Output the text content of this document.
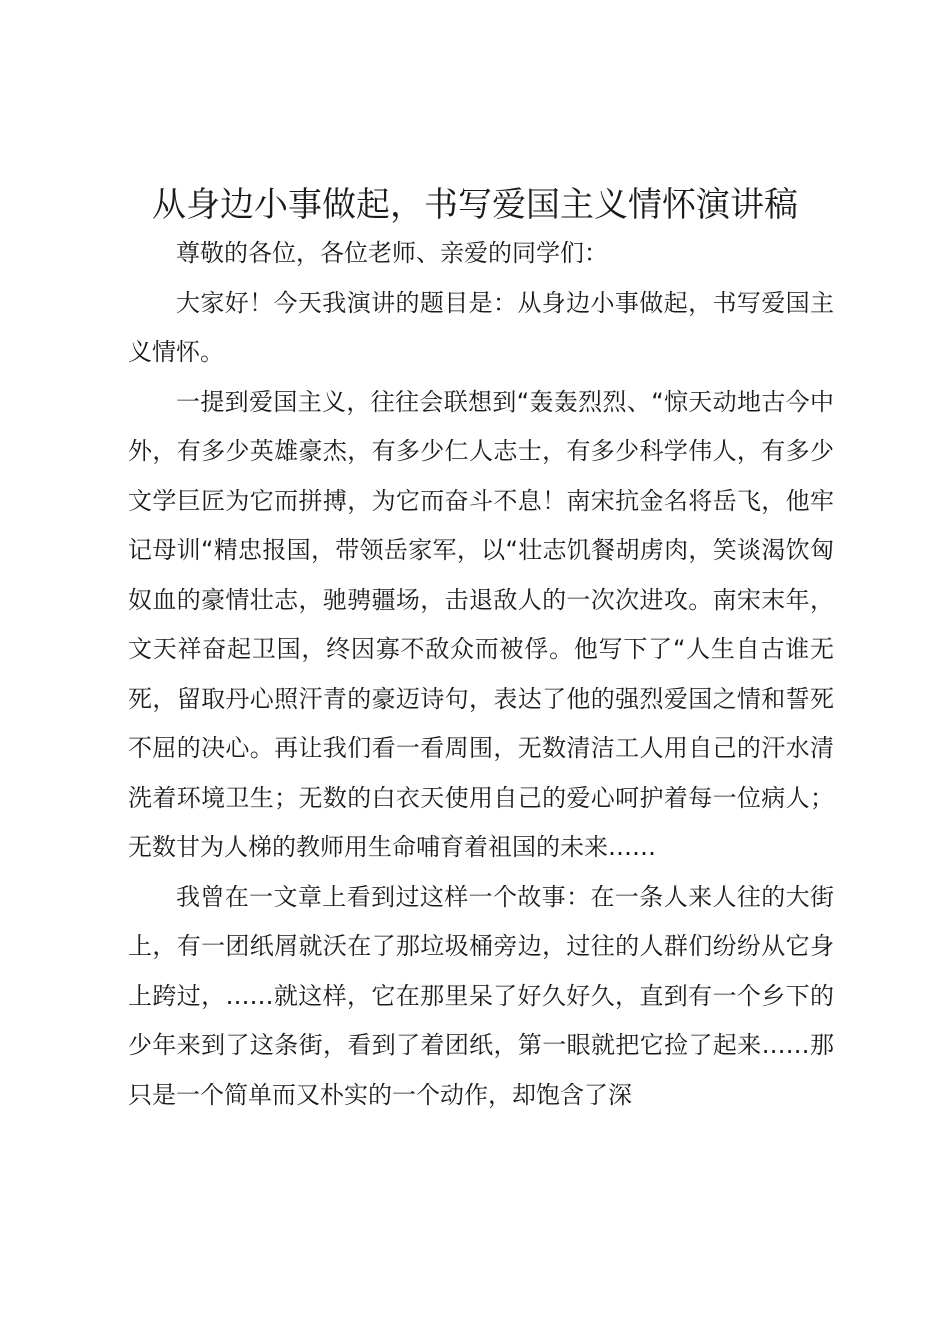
从身边小事做起，书写爱国主义情怀演讲稿

尊敬的各位，各位老师、亲爱的同学们：

大家好！今天我演讲的题目是：从身边小事做起，书写爱国主义情怀。

一提到爱国主义，往往会联想到“轰轰烈烈、“惊天动地古今中外，有多少英雄豪杰，有多少仁人志士，有多少科学伟人，有多少文学巨匠为它而拼搏，为它而奋斗不息！南宋抗金名将岳飞，他牢记母训“精忠报国，带领岳家军，以“壮志饥餐胡虏肉，笑谈渴饮匈奴血的豪情壮志，驰骋疆场，击退敌人的一次次进攻。南宋末年，文天祥奋起卫国，终因寡不敌众而被俘。他写下了“人生自古谁无死，留取丹心照汗青的豪迈诗句，表达了他的强烈爱国之情和誓死不屈的决心。再让我们看一看周围，无数清洁工人用自己的汗水清洗着环境卫生；无数的白衣天使用自己的爱心呵护着每一位病人；无数甘为人梯的教师用生命哺育着祖国的未来……

我曾在一文章上看到过这样一个故事：在一条人来人往的大街上，有一团纸屑就沃在了那垃圾桶旁边，过往的人群们纷纷从它身上跨过，……就这样，它在那里呆了好久好久，直到有一个乡下的少年来到了这条街，看到了着团纸，第一眼就把它捡了起来……那只是一个简单而又朴实的一个动作，却饱含了深
